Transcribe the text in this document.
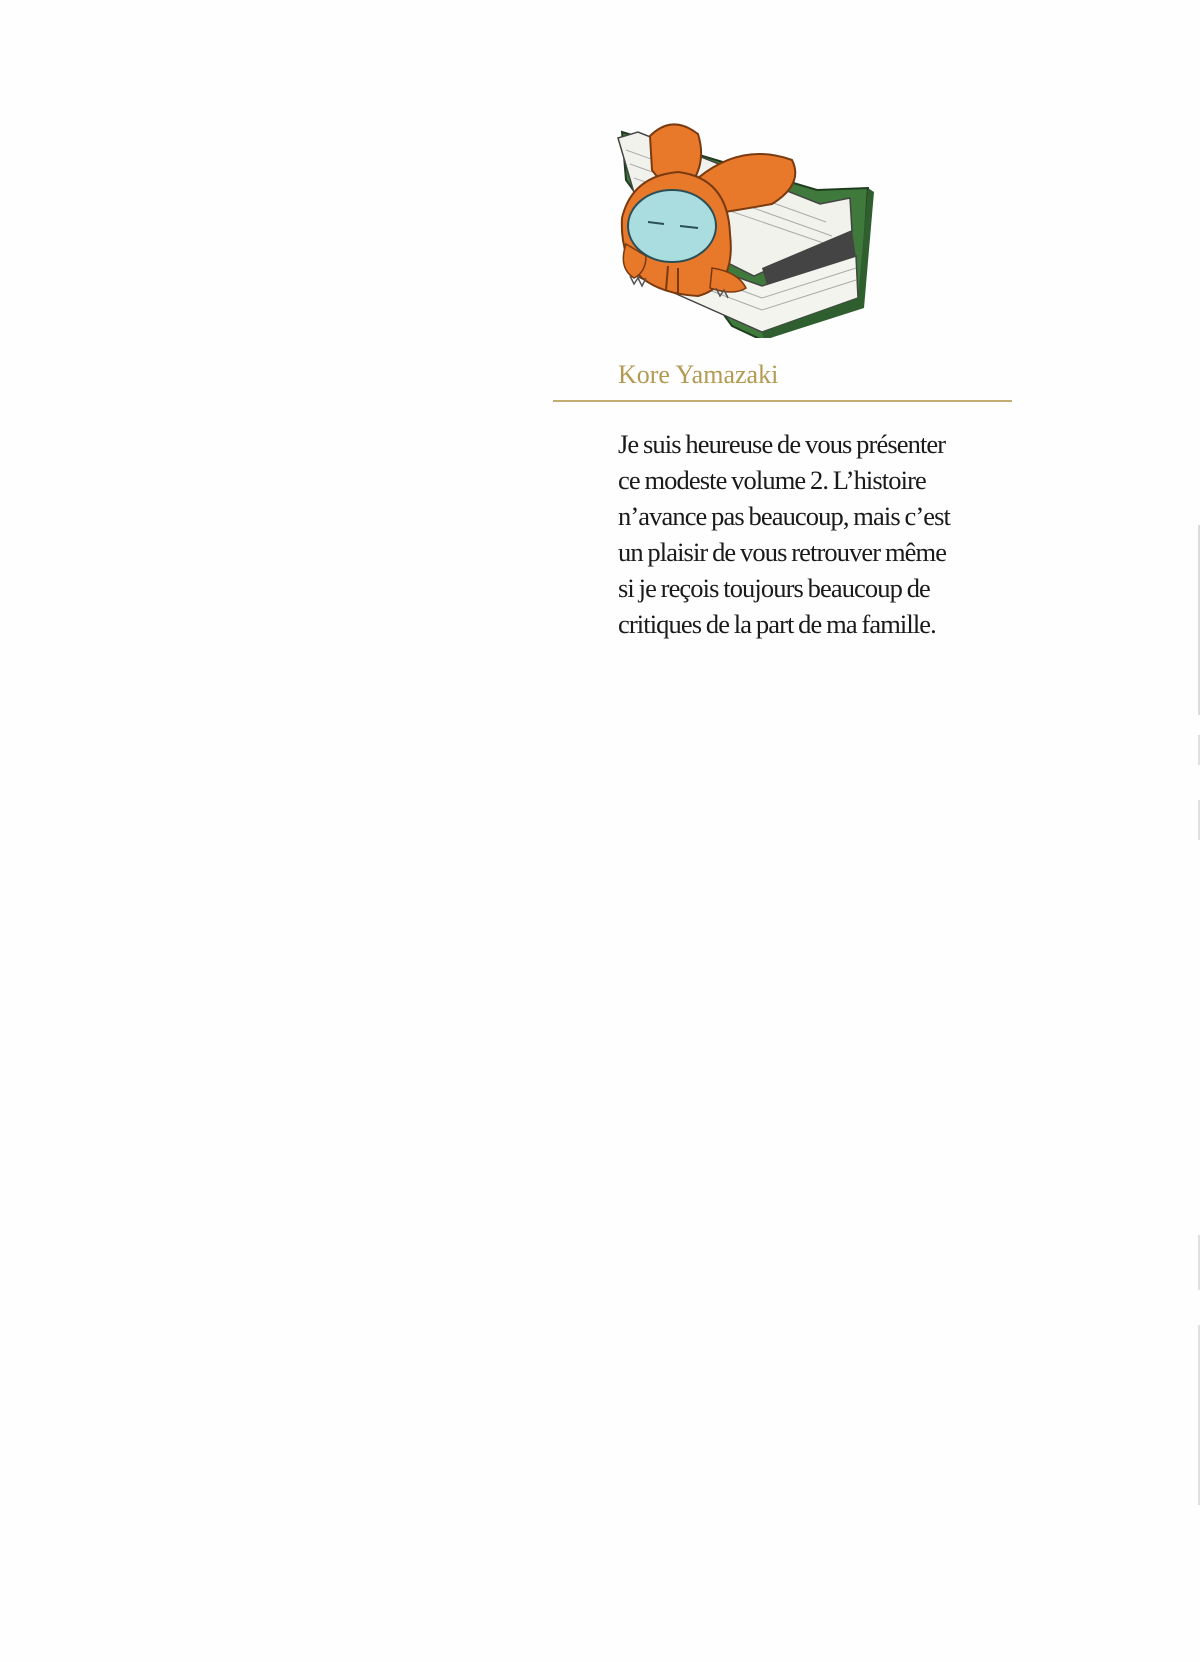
Kore Yamazaki
Je suis heureuse de vous présenter
ce modeste volume 2. L’histoire
n’avance pas beaucoup, mais c’est
un plaisir de vous retrouver même
si je reçois toujours beaucoup de
critiques de la part de ma famille.
